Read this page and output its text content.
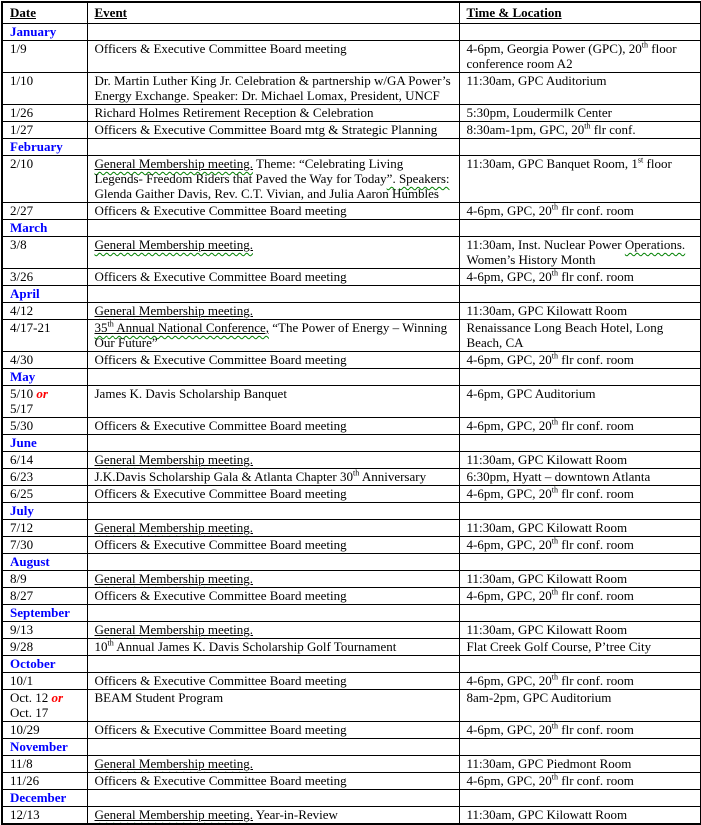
Date	Event	Time & Location
January		
1/9	Officers & Executive Committee Board meeting	4-6pm, Georgia Power (GPC), 20th floor conference room A2
1/10	Dr. Martin Luther King Jr. Celebration & partnership w/GA Power’s Energy Exchange. Speaker: Dr. Michael Lomax, President, UNCF	11:30am, GPC Auditorium
1/26	Richard Holmes Retirement Reception & Celebration	5:30pm, Loudermilk Center
1/27	Officers & Executive Committee Board mtg & Strategic Planning	8:30am-1pm, GPC, 20th flr conf.
February		
2/10	General Membership meeting. Theme: “Celebrating Living Legends- Freedom Riders that Paved the Way for Today”. Speakers: Glenda Gaither Davis, Rev. C.T. Vivian, and Julia Aaron Humbles	11:30am, GPC Banquet Room, 1st floor
2/27	Officers & Executive Committee Board meeting	4-6pm, GPC, 20th flr conf. room
March		
3/8	General Membership meeting.	11:30am, Inst. Nuclear Power Operations. Women’s History Month
3/26	Officers & Executive Committee Board meeting	4-6pm, GPC, 20th flr conf. room
April		
4/12	General Membership meeting.	11:30am, GPC Kilowatt Room
4/17-21	35th Annual National Conference, “The Power of Energy – Winning Our Future”	Renaissance Long Beach Hotel, Long Beach, CA
4/30	Officers & Executive Committee Board meeting	4-6pm, GPC, 20th flr conf. room
May		
5/10 or
5/17	James K. Davis Scholarship Banquet	4-6pm, GPC Auditorium
5/30	Officers & Executive Committee Board meeting	4-6pm, GPC, 20th flr conf. room
June		
6/14	General Membership meeting.	11:30am, GPC Kilowatt Room
6/23	J.K.Davis Scholarship Gala & Atlanta Chapter 30th Anniversary	6:30pm, Hyatt – downtown Atlanta
6/25	Officers & Executive Committee Board meeting	4-6pm, GPC, 20th flr conf. room
July		
7/12	General Membership meeting.	11:30am, GPC Kilowatt Room
7/30	Officers & Executive Committee Board meeting	4-6pm, GPC, 20th flr conf. room
August		
8/9	General Membership meeting.	11:30am, GPC Kilowatt Room
8/27	Officers & Executive Committee Board meeting	4-6pm, GPC, 20th flr conf. room
September		
9/13	General Membership meeting.	11:30am, GPC Kilowatt Room
9/28	10th Annual James K. Davis Scholarship Golf Tournament	Flat Creek Golf Course, P’tree City
October		
10/1	Officers & Executive Committee Board meeting	4-6pm, GPC, 20th flr conf. room
Oct. 12 or
Oct. 17	BEAM Student Program	8am-2pm, GPC Auditorium
10/29	Officers & Executive Committee Board meeting	4-6pm, GPC, 20th flr conf. room
November		
11/8	General Membership meeting.	11:30am, GPC Piedmont Room
11/26	Officers & Executive Committee Board meeting	4-6pm, GPC, 20th flr conf. room
December		
12/13	General Membership meeting. Year-in-Review	11:30am, GPC Kilowatt Room
